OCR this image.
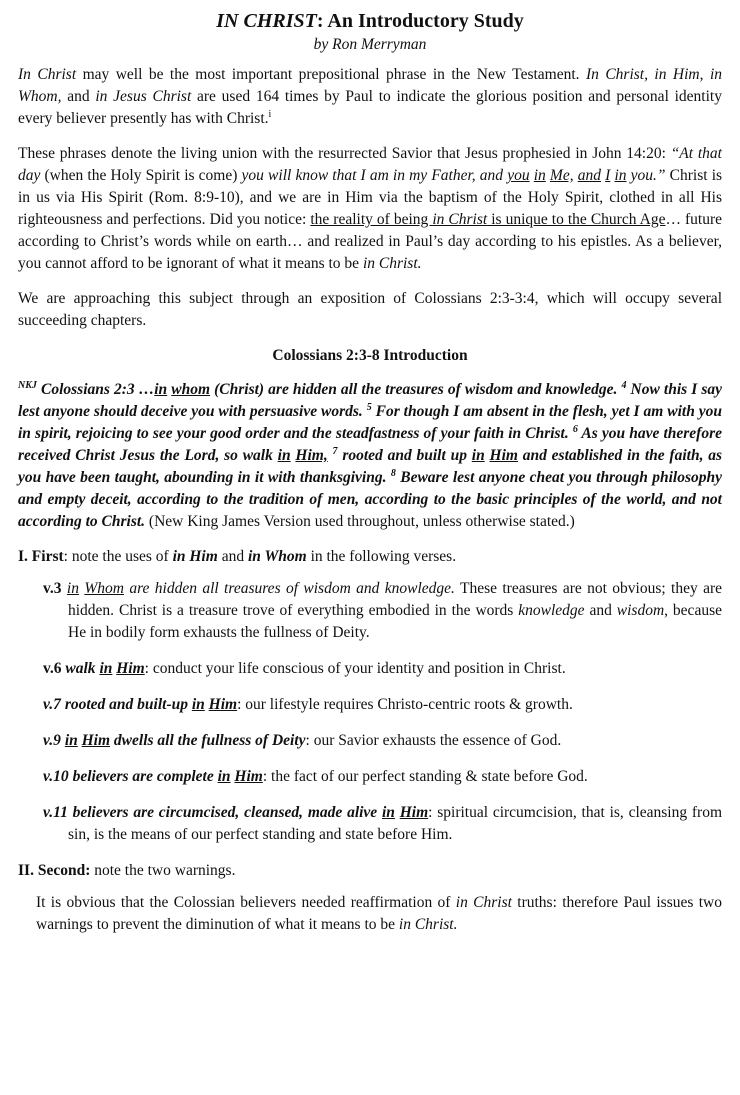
IN CHRIST: An Introductory Study
by Ron Merryman

In Christ may well be the most important prepositional phrase in the New Testament. In Christ, in Him, in Whom, and in Jesus Christ are used 164 times by Paul to indicate the glorious position and personal identity every believer presently has with Christ.$^i$

These phrases denote the living union with the resurrected Savior that Jesus prophesied in John 14:20: “At that day (when the Holy Spirit is come) you will know that I am in my Father, and you in Me, and I in you.” Christ is in us via His Spirit (Rom. 8:9-10), and we are in Him via the baptism of the Holy Spirit, clothed in all His righteousness and perfections. Did you notice: the reality of being in Christ is unique to the Church Age… future according to Christ’s words while on earth… and realized in Paul’s day according to his epistles. As a believer, you cannot afford to be ignorant of what it means to be in Christ.

We are approaching this subject through an exposition of Colossians 2:3-3:4, which will occupy several succeeding chapters.

Colossians 2:3-8 Introduction

$^{NKJ}$ Colossians 2:3 …in whom (Christ) are hidden all the treasures of wisdom and knowledge. $^4$ Now this I say lest anyone should deceive you with persuasive words. $^5$ For though I am absent in the flesh, yet I am with you in spirit, rejoicing to see your good order and the steadfastness of your faith in Christ. $^6$ As you have therefore received Christ Jesus the Lord, so walk in Him, $^7$ rooted and built up in Him and established in the faith, as you have been taught, abounding in it with thanksgiving. $^8$ Beware lest anyone cheat you through philosophy and empty deceit, according to the tradition of men, according to the basic principles of the world, and not according to Christ. (New King James Version used throughout, unless otherwise stated.)

I. First: note the uses of in Him and in Whom in the following verses.
v.3 in Whom are hidden all treasures of wisdom and knowledge. These treasures are not obvious; they are hidden. Christ is a treasure trove of everything embodied in the words knowledge and wisdom, because He in bodily form exhausts the fullness of Deity.
v.6 walk in Him: conduct your life conscious of your identity and position in Christ.
v.7 rooted and built-up in Him: our lifestyle requires Christo-centric roots & growth.
v.9 in Him dwells all the fullness of Deity: our Savior exhausts the essence of God.
v.10 believers are complete in Him: the fact of our perfect standing & state before God.
v.11 believers are circumcised, cleansed, made alive in Him: spiritual circumcision, that is, cleansing from sin, is the means of our perfect standing and state before Him.
II. Second: note the two warnings.

It is obvious that the Colossian believers needed reaffirmation of in Christ truths: therefore Paul issues two warnings to prevent the diminution of what it means to be in Christ.
